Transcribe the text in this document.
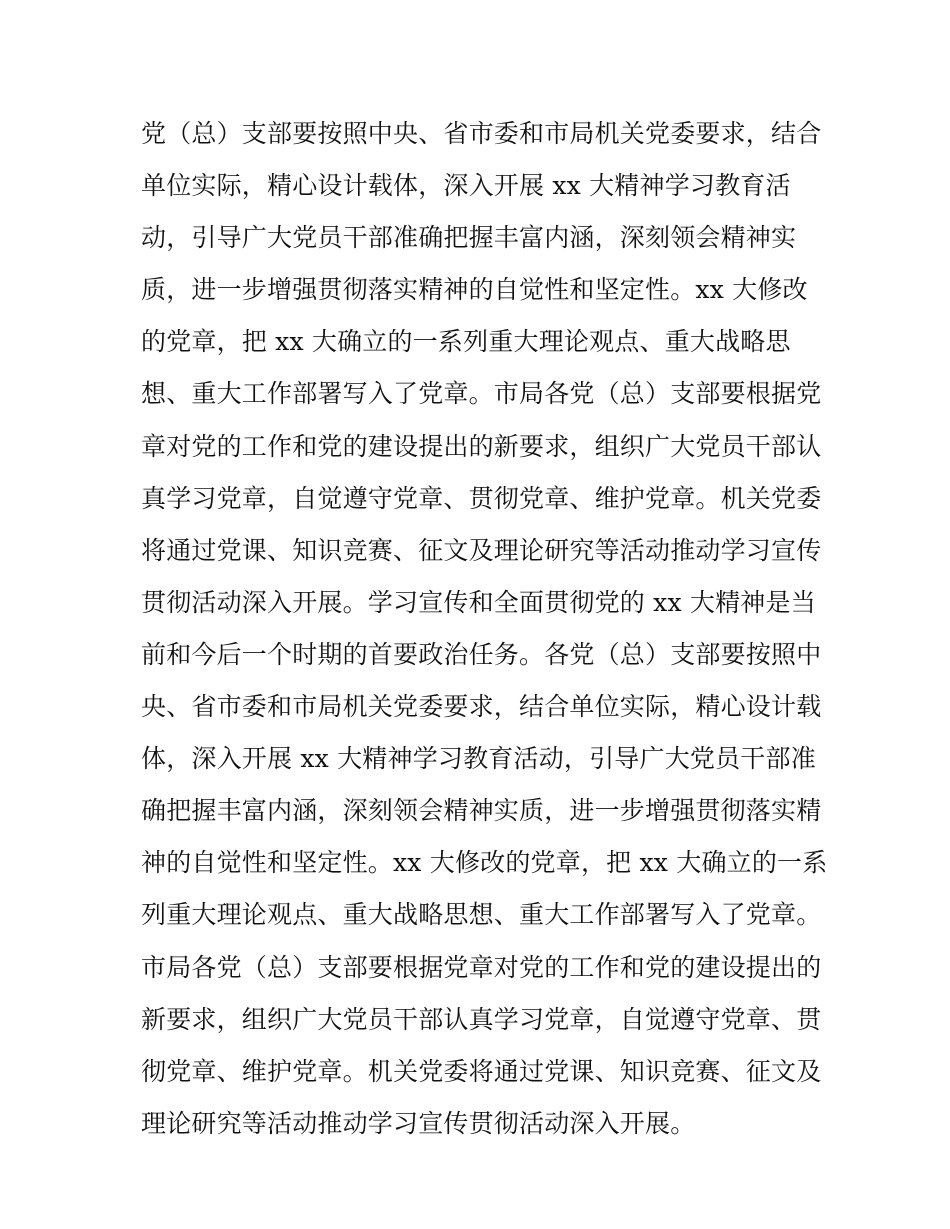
党（总）支部要按照中央、省市委和市局机关党委要求，结合
单位实际，精心设计载体，深入开展 xx 大精神学习教育活
动，引导广大党员干部准确把握丰富内涵，深刻领会精神实
质，进一步增强贯彻落实精神的自觉性和坚定性。xx 大修改
的党章，把 xx 大确立的一系列重大理论观点、重大战略思
想、重大工作部署写入了党章。市局各党（总）支部要根据党
章对党的工作和党的建设提出的新要求，组织广大党员干部认
真学习党章，自觉遵守党章、贯彻党章、维护党章。机关党委
将通过党课、知识竞赛、征文及理论研究等活动推动学习宣传
贯彻活动深入开展。学习宣传和全面贯彻党的 xx 大精神是当
前和今后一个时期的首要政治任务。各党（总）支部要按照中
央、省市委和市局机关党委要求，结合单位实际，精心设计载
体，深入开展 xx 大精神学习教育活动，引导广大党员干部准
确把握丰富内涵，深刻领会精神实质，进一步增强贯彻落实精
神的自觉性和坚定性。xx 大修改的党章，把 xx 大确立的一系
列重大理论观点、重大战略思想、重大工作部署写入了党章。
市局各党（总）支部要根据党章对党的工作和党的建设提出的
新要求，组织广大党员干部认真学习党章，自觉遵守党章、贯
彻党章、维护党章。机关党委将通过党课、知识竞赛、征文及
理论研究等活动推动学习宣传贯彻活动深入开展。
